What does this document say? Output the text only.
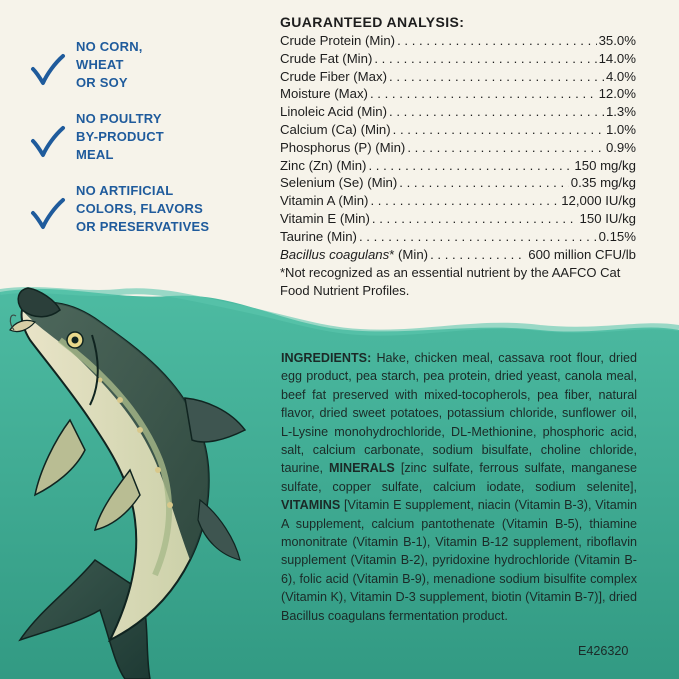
NO CORN,
WHEAT
OR SOY
NO POULTRY
BY-PRODUCT
MEAL
NO ARTIFICIAL
COLORS, FLAVORS
OR PRESERVATIVES
GUARANTEED ANALYSIS:
Crude Protein (Min) . . .	35.0%
Crude Fat (Min) . . .	14.0%
Crude Fiber (Max) . . .	4.0%
Moisture (Max) . . .	12.0%
Linoleic Acid (Min) . . .	1.3%
Calcium (Ca) (Min) . . .	1.0%
Phosphorus (P) (Min) . . .	0.9%
Zinc (Zn) (Min) . . .	150 mg/kg
Selenium (Se) (Min) . . .	0.35 mg/kg
Vitamin A (Min) . . .	12,000 IU/kg
Vitamin E (Min) . . .	150 IU/kg
Taurine (Min) . . .	0.15%
Bacillus coagulans* (Min) . . .	600 million CFU/lb
*Not recognized as an essential nutrient by the AAFCO Cat Food Nutrient Profiles.
INGREDIENTS: Hake, chicken meal, cassava root flour, dried egg product, pea starch, pea protein, dried yeast, canola meal, beef fat preserved with mixed-tocopherols, pea fiber, natural flavor, dried sweet potatoes, potassium chloride, sunflower oil, L-Lysine monohydrochloride, DL-Methionine, phosphoric acid, salt, calcium carbonate, sodium bisulfate, choline chloride, taurine, MINERALS [zinc sulfate, ferrous sulfate, manganese sulfate, copper sulfate, calcium iodate, sodium selenite], VITAMINS [Vitamin E supplement, niacin (Vitamin B-3), Vitamin A supplement, calcium pantothenate (Vitamin B-5), thiamine mononitrate (Vitamin B-1), Vitamin B-12 supplement, riboflavin supplement (Vitamin B-2), pyridoxine hydrochloride (Vitamin B-6), folic acid (Vitamin B-9), menadione sodium bisulfite complex (Vitamin K), Vitamin D-3 supplement, biotin (Vitamin B-7)], dried Bacillus coagulans fermentation product.
E426320
